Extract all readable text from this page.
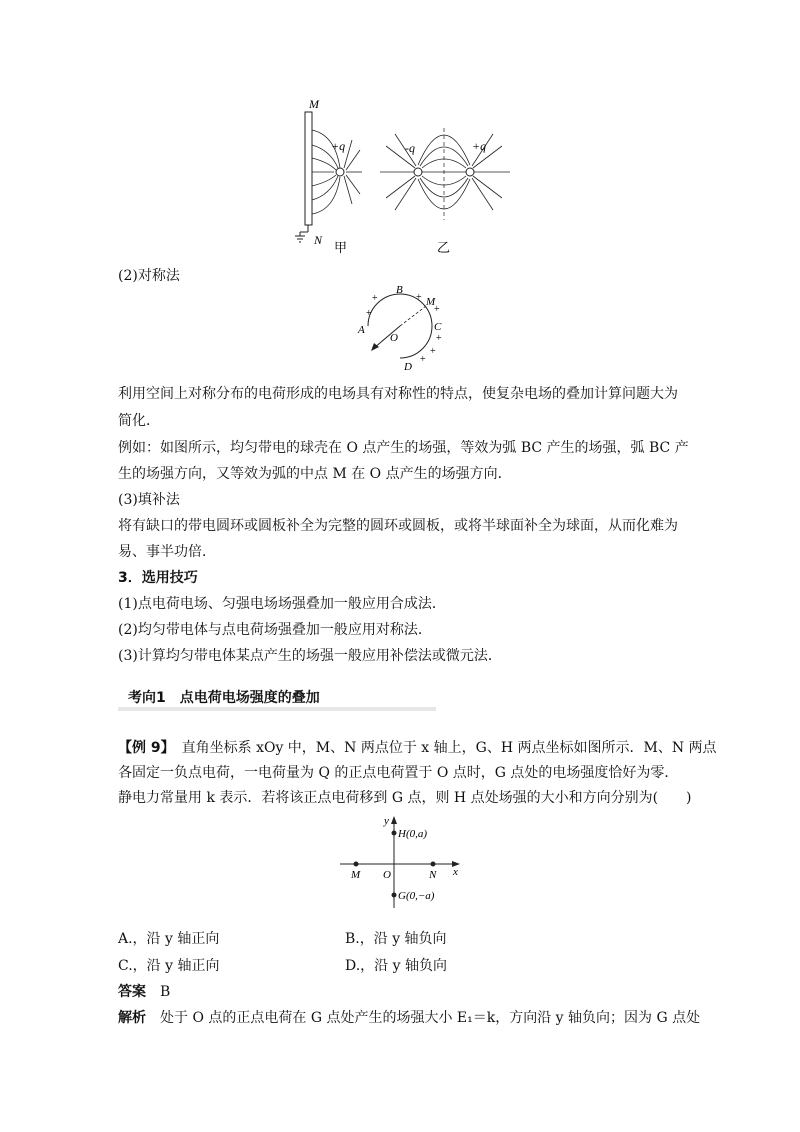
M
N
+q	-q	+q
甲	乙
(2)对称法
B
M
A	C
O
D
+
+
+
+
+
+
+
利用空间上对称分布的电荷形成的电场具有对称性的特点，使复杂电场的叠加计算问题大为
简化．
例如：如图所示，均匀带电的球壳在 O 点产生的场强，等效为弧 BC 产生的场强，弧 BC 产
生的场强方向，又等效为弧的中点 M 在 O 点产生的场强方向．
(3)填补法
将有缺口的带电圆环或圆板补全为完整的圆环或圆板，或将半球面补全为球面，从而化难为
易、事半功倍．
3．选用技巧
(1)点电荷电场、匀强电场场强叠加一般应用合成法．
(2)均匀带电体与点电荷场强叠加一般应用对称法．
(3)计算均匀带电体某点产生的场强一般应用补偿法或微元法．
考向1　点电荷电场强度的叠加
【例 9】  直角坐标系 xOy 中，M、N 两点位于 x 轴上，G、H 两点坐标如图所示．M、N 两点
各固定一负点电荷，一电荷量为 Q 的正点电荷置于 O 点时，G 点处的电场强度恰好为零．
静电力常量用 k 表示．若将该正点电荷移到 G 点，则 H 点处场强的大小和方向分别为(　　)
y
x
H(0,a)
G(0,−a)
M O	N
A.，沿 y 轴正向	B.，沿 y 轴负向
C.，沿 y 轴正向	D.，沿 y 轴负向
答案  B
解析  处于 O 点的正点电荷在 G 点处产生的场强大小 E₁＝k，方向沿 y 轴负向；因为 G 点处
